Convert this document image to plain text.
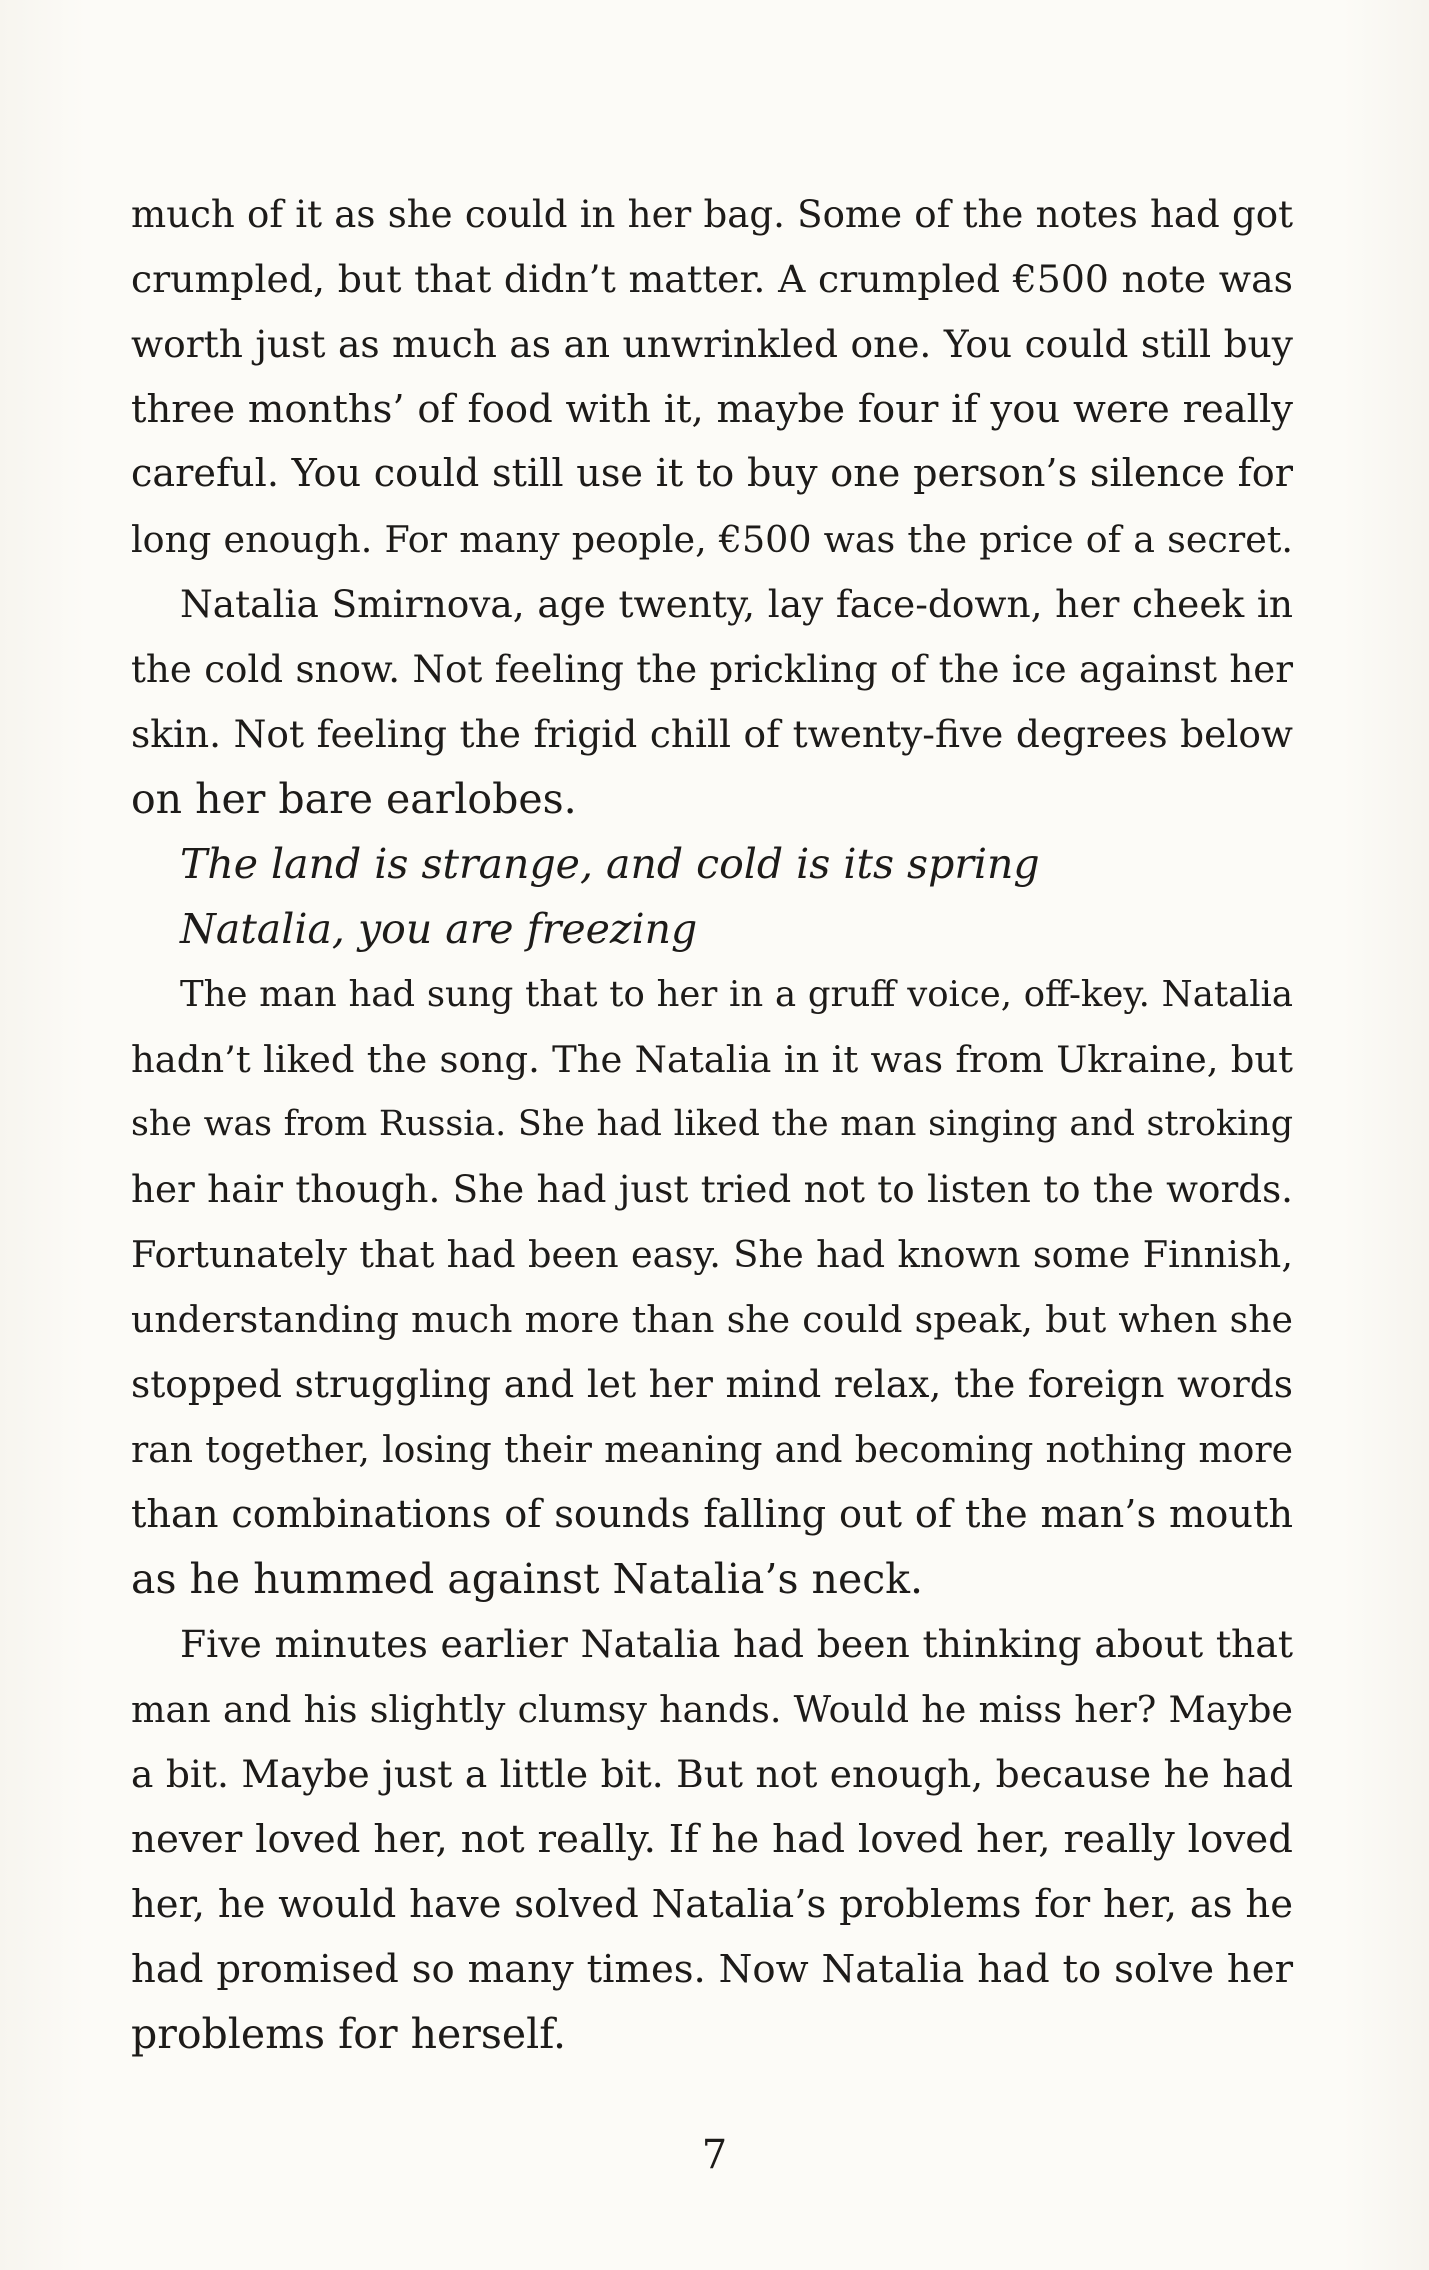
much of it as she could in her bag. Some of the notes had got
crumpled, but that didn’t matter. A crumpled €500 note was
worth just as much as an unwrinkled one. You could still buy
three months’ of food with it, maybe four if you were really
careful. You could still use it to buy one person’s silence for
long enough. For many people, €500 was the price of a secret.
Natalia Smirnova, age twenty, lay face-down, her cheek in
the cold snow. Not feeling the prickling of the ice against her
skin. Not feeling the frigid chill of twenty-five degrees below
on her bare earlobes.
The land is strange, and cold is its spring
Natalia, you are freezing
The man had sung that to her in a gruff voice, off-key. Natalia
hadn’t liked the song. The Natalia in it was from Ukraine, but
she was from Russia. She had liked the man singing and stroking
her hair though. She had just tried not to listen to the words.
Fortunately that had been easy. She had known some Finnish,
understanding much more than she could speak, but when she
stopped struggling and let her mind relax, the foreign words
ran together, losing their meaning and becoming nothing more
than combinations of sounds falling out of the man’s mouth
as he hummed against Natalia’s neck.
Five minutes earlier Natalia had been thinking about that
man and his slightly clumsy hands. Would he miss her? Maybe
a bit. Maybe just a little bit. But not enough, because he had
never loved her, not really. If he had loved her, really loved
her, he would have solved Natalia’s problems for her, as he
had promised so many times. Now Natalia had to solve her
problems for herself.
7
